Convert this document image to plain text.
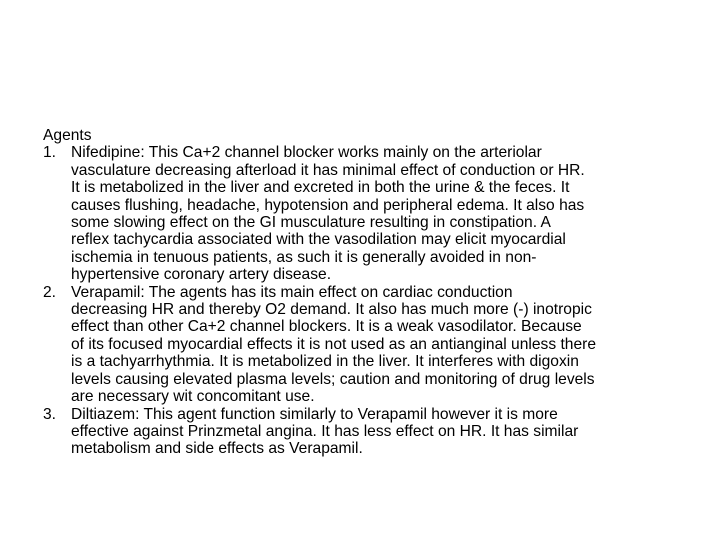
Agents
1. Nifedipine: This Ca+2 channel blocker works mainly on the arteriolar
vasculature decreasing afterload it has minimal effect of conduction or HR.
It is metabolized in the liver and excreted in both the urine & the feces. It
causes flushing, headache, hypotension and peripheral edema. It also has
some slowing effect on the GI musculature resulting in constipation. A
reflex tachycardia associated with the vasodilation may elicit myocardial
ischemia in tenuous patients, as such it is generally avoided in non-
hypertensive coronary artery disease.
2. Verapamil: The agents has its main effect on cardiac conduction
decreasing HR and thereby O2 demand. It also has much more (-) inotropic
effect than other Ca+2 channel blockers. It is a weak vasodilator. Because
of its focused myocardial effects it is not used as an antianginal unless there
is a tachyarrhythmia. It is metabolized in the liver. It interferes with digoxin
levels causing elevated plasma levels; caution and monitoring of drug levels
are necessary wit concomitant use.
3. Diltiazem: This agent function similarly to Verapamil however it is more
effective against Prinzmetal angina. It has less effect on HR. It has similar
metabolism and side effects as Verapamil.
